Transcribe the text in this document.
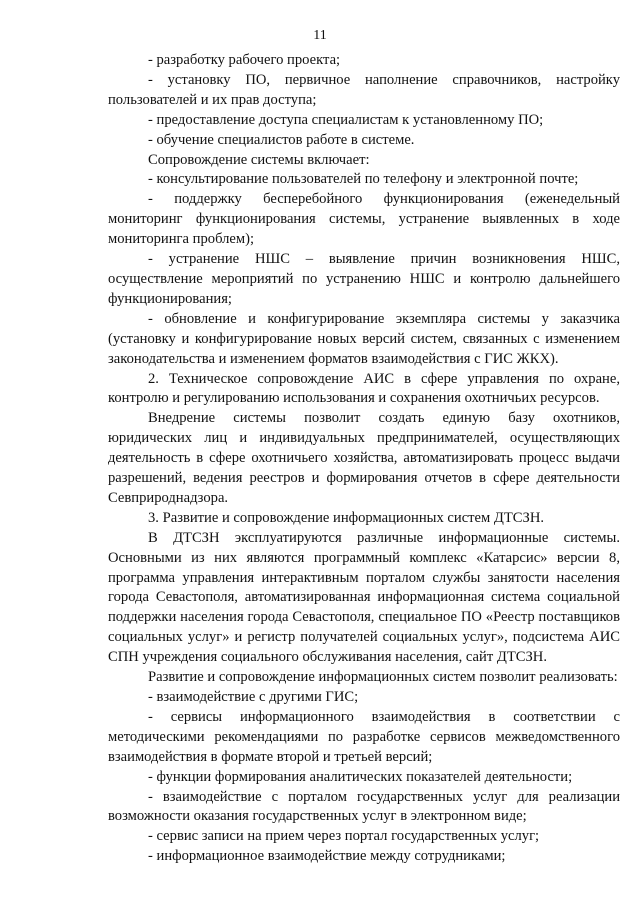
11

- разработку рабочего проекта;

- установку ПО, первичное наполнение справочников, настройку пользователей и их прав доступа;

- предоставление доступа специалистам к установленному ПО;

- обучение специалистов работе в системе.

Сопровождение системы включает:

- консультирование пользователей по телефону и электронной почте;

- поддержку бесперебойного функционирования (еженедельный мониторинг функционирования системы, устранение выявленных в ходе мониторинга проблем);

- устранение НШС – выявление причин возникновения НШС, осуществление мероприятий по устранению НШС и контролю дальнейшего функционирования;

- обновление и конфигурирование экземпляра системы у заказчика (установку и конфигурирование новых версий систем, связанных с изменением законодательства и изменением форматов взаимодействия с ГИС ЖКХ).

2. Техническое сопровождение АИС в сфере управления по охране, контролю и регулированию использования и сохранения охотничьих ресурсов.

Внедрение системы позволит создать единую базу охотников, юридических лиц и индивидуальных предпринимателей, осуществляющих деятельность в сфере охотничьего хозяйства, автоматизировать процесс выдачи разрешений, ведения реестров и формирования отчетов в сфере деятельности Севприроднадзора.

3. Развитие и сопровождение информационных систем ДТСЗН.

В ДТСЗН эксплуатируются различные информационные системы. Основными из них являются программный комплекс «Катарсис» версии 8, программа управления интерактивным порталом службы занятости населения города Севастополя, автоматизированная информационная система социальной поддержки населения города Севастополя, специальное ПО «Реестр поставщиков социальных услуг» и регистр получателей социальных услуг», подсистема АИС СПН учреждения социального обслуживания населения, сайт ДТСЗН.

Развитие и сопровождение информационных систем позволит реализовать:

- взаимодействие с другими ГИС;

- сервисы информационного взаимодействия в соответствии с методическими рекомендациями по разработке сервисов межведомственного взаимодействия в формате второй и третьей версий;

- функции формирования аналитических показателей деятельности;

- взаимодействие с порталом государственных услуг для реализации возможности оказания государственных услуг в электронном виде;

- сервис записи на прием через портал государственных услуг;

- информационное взаимодействие между сотрудниками;
